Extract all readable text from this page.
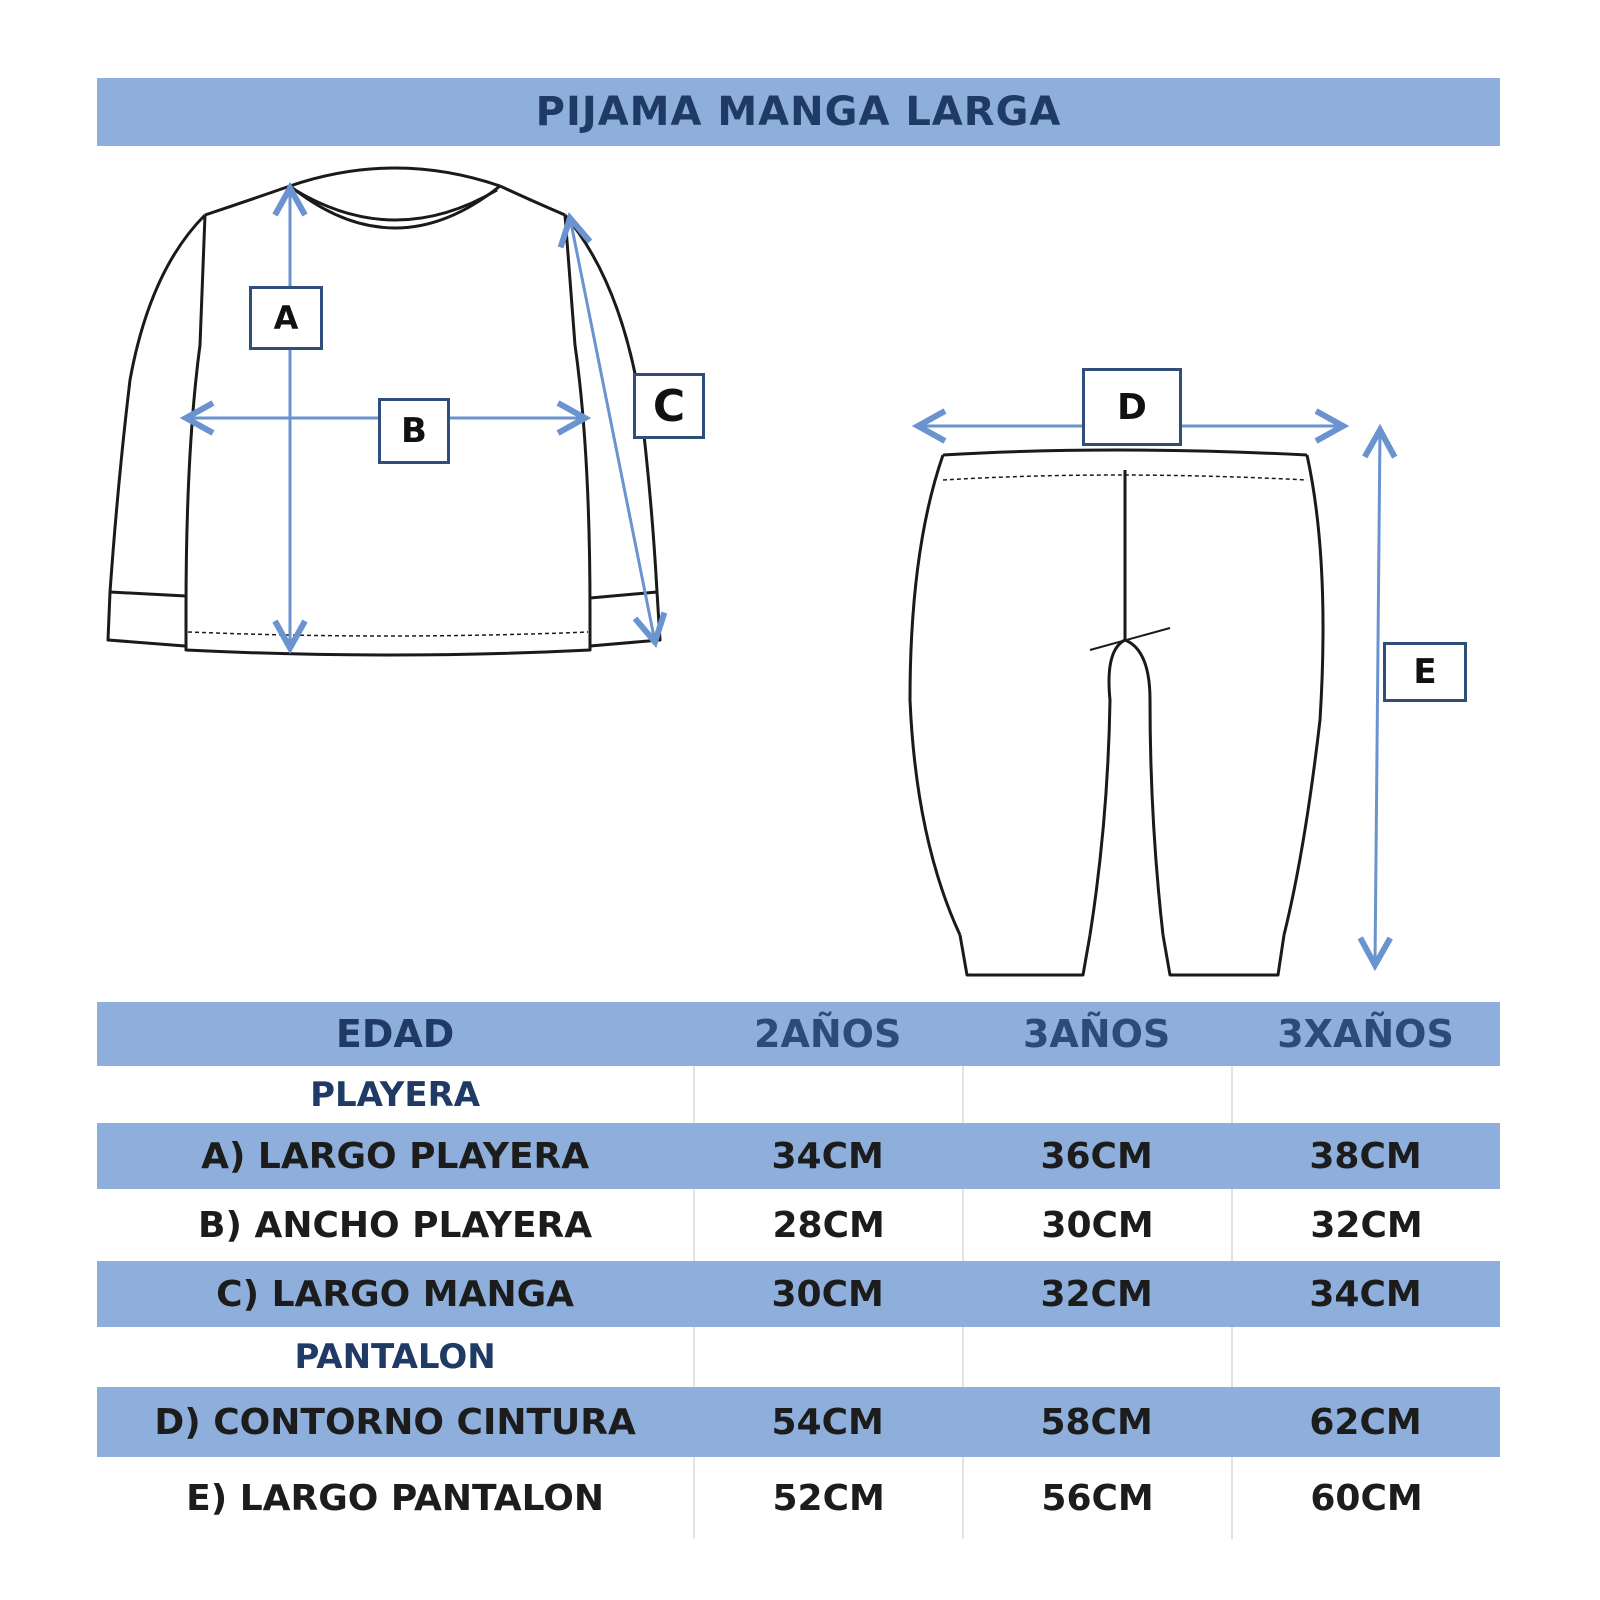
PIJAMA MANGA LARGA
A
B	C	D
E
EDAD	2AÑOS	3AÑOS	3XAÑOS
PLAYERA
A) LARGO PLAYERA	34CM	36CM	38CM
B) ANCHO PLAYERA	28CM	30CM	32CM
C) LARGO MANGA	30CM	32CM	34CM
PANTALON
D) CONTORNO CINTURA	54CM	58CM	62CM
E) LARGO PANTALON	52CM	56CM	60CM
